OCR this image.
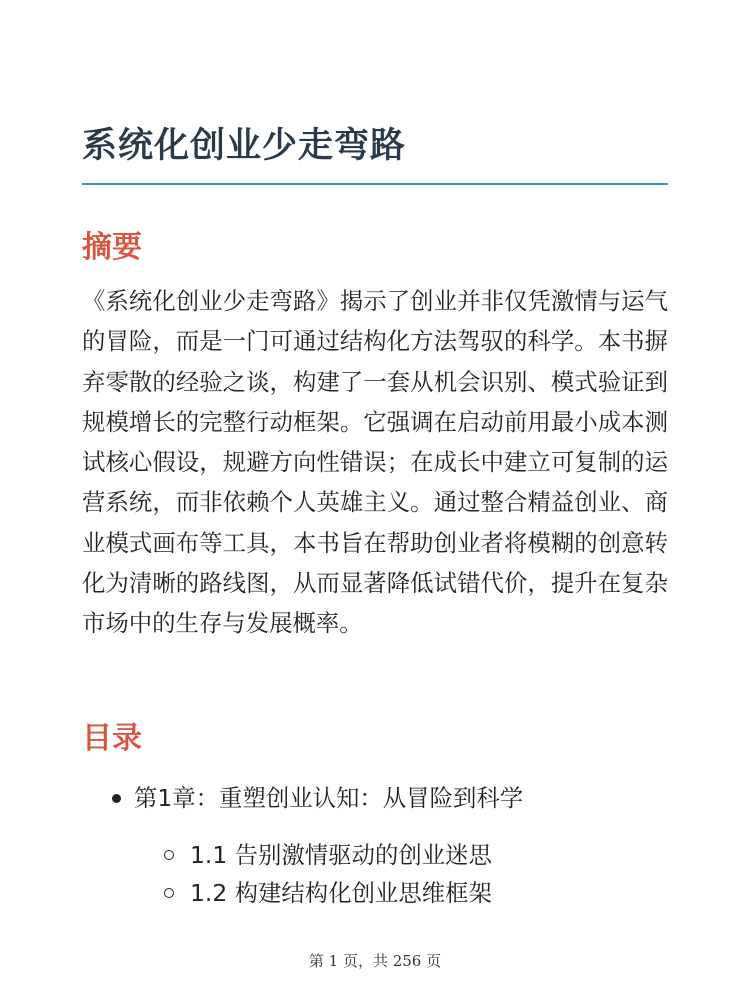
系统化创业少走弯路
摘要

《系统化创业少走弯路》揭示了创业并非仅凭激情与运气的冒险，而是一门可通过结构化方法驾驭的科学。本书摒弃零散的经验之谈，构建了一套从机会识别、模式验证到规模增长的完整行动框架。它强调在启动前用最小成本测试核心假设，规避方向性错误；在成长中建立可复制的运营系统，而非依赖个人英雄主义。通过整合精益创业、商业模式画布等工具，本书旨在帮助创业者将模糊的创意转化为清晰的路线图，从而显著降低试错代价，提升在复杂市场中的生存与发展概率。

目录
第1章：重塑创业认知：从冒险到科学
1.1 告别激情驱动的创业迷思
1.2 构建结构化创业思维框架
第 1 页，共 256 页
